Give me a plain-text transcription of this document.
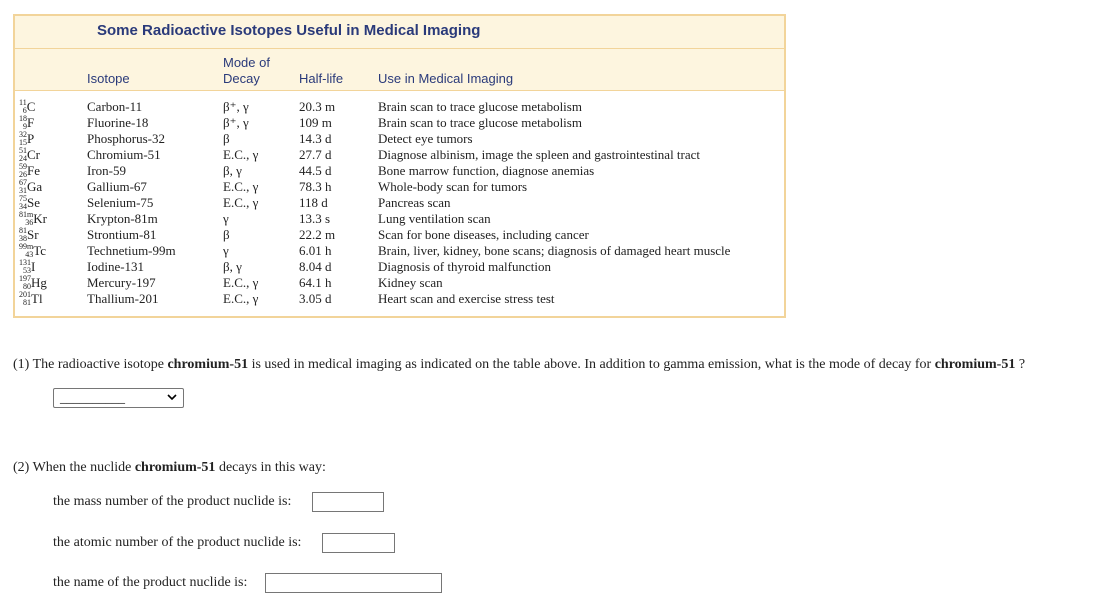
Some Radioactive Isotopes Useful in Medical Imaging
Isotope
Mode of
Decay	Half-life	Use in Medical Imaging
11
6 C	Carbon-11	β⁺, γ	20.3 m	Brain scan to trace glucose metabolism
18
9 F	Fluorine-18	β⁺, γ	109 m	Brain scan to trace glucose metabolism
32
15 P	Phosphorus-32	β	14.3 d	Detect eye tumors
51
24 Cr	Chromium-51	E.C., γ	27.7 d	Diagnose albinism, image the spleen and gastrointestinal tract
59
26 Fe	Iron-59	β, γ	44.5 d	Bone marrow function, diagnose anemias
67
31 Ga	Gallium-67	E.C., γ	78.3 h	Whole-body scan for tumors
75
34 Se	Selenium-75	E.C., γ	118 d	Pancreas scan
81m
36 Kr	Krypton-81m	γ	13.3 s	Lung ventilation scan
81
38 Sr	Strontium-81	β	22.2 m	Scan for bone diseases, including cancer
99m
43 Tc	Technetium-99m	γ	6.01 h	Brain, liver, kidney, bone scans; diagnosis of damaged heart muscle
131
53 I	Iodine-131	β, γ	8.04 d	Diagnosis of thyroid malfunction
197
80 Hg	Mercury-197	E.C., γ	64.1 h	Kidney scan
201
81 Tl	Thallium-201	E.C., γ	3.05 d	Heart scan and exercise stress test
(1) The radioactive isotope chromium-51 is used in medical imaging as indicated on the table above. In addition to gamma emission, what is the mode of decay for chromium-51 ?
__________
(2) When the nuclide chromium-51 decays in this way:
the mass number of the product nuclide is:
the atomic number of the product nuclide is:
the name of the product nuclide is:
